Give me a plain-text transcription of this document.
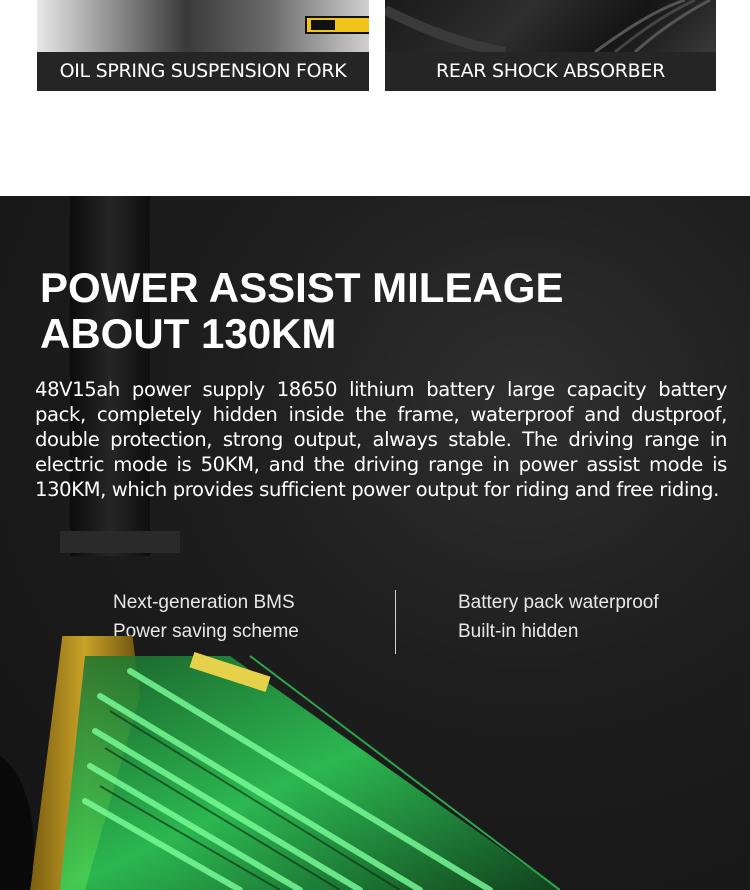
OIL SPRING SUSPENSION FORK	REAR SHOCK ABSORBER
POWER ASSIST MILEAGE
ABOUT 130KM
48V15ah power supply 18650 lithium battery large capacity battery pack, completely hidden inside the frame, waterproof and dustproof, double protection, strong output, always stable. The driving range in electric mode is 50KM, and the driving range in power assist mode is 130KM, which provides sufficient power output for riding and free riding.
Next-generation BMS
Power saving scheme
Battery pack waterproof
Built-in hidden
